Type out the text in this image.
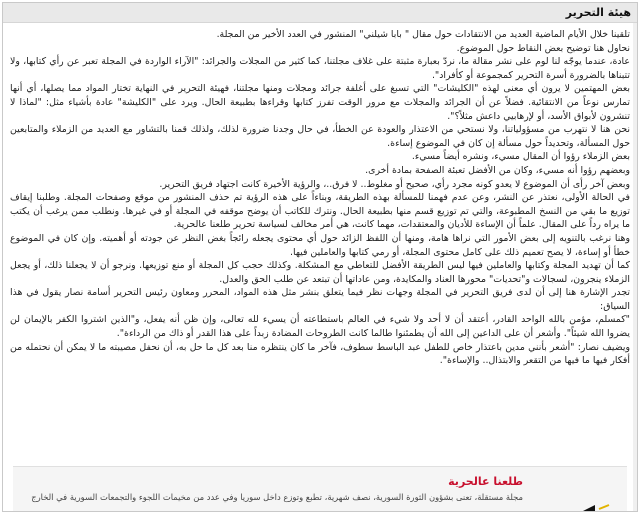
هيئة التحرير

تلقينا خلال الأيام الماضية العديد من الانتقادات حول مقال " بابا شيلني" المنشور في العدد الأخير من المجلة.

نحاول هنا توضيح بعض النقاط حول الموضوع.

عادة، عندما يوجّه لنا لوم على نشر مقالة ما، نردّ بعبارة مثبتة على غلاف مجلتنا، كما كثير من المجلات والجرائد: "الآراء الواردة في المجلة تعبر عن رأي كتابها، ولا تتبناها بالضرورة أسرة التحرير كمجموعة أو كأفراد".

بعض المهتمين لا يرون أي معنى لهذه "الكليشات" التي تسبغ على أغلفة جرائد ومجلات ومنها مجلتنا، فهيئة التحرير في النهاية تختار المواد مما يصلها، أي أنها تمارس نوعاً من الانتقائية. فضلاً عن أن الجرائد والمجلات مع مرور الوقت تفرز كتابها وقراءها بطبيعة الحال. ويرد على "الكليشة" عادة بأشياء مثل: "لماذا لا تنشرون لأبواق الأسد، أو لإرهابيي داعش مثلاً؟".

نحن هنا لا نتهرب من مسؤولياتنا، ولا نستحي من الاعتذار والعودة عن الخطأ، في حال وجدنا ضرورة لذلك، ولذلك قمنا بالتشاور مع العديد من الزملاء والمتابعين حول المسألة، وتحديداً حول مسألة إن كان في الموضوع إساءة.

بعض الزملاء رؤوا أن المقال مسيء، ونشره أيضاً مسيء.

وبعضهم رؤوا أنه مسيء، وكان من الأفضل تعبئة الصفحة بمادة أخرى.

وبعض آخر رأى أن الموضوع لا يعدو كونه مجرد رأي، صحيح أو مغلوط.. لا فرق..، والرؤية الأخيرة كانت اجتهاد فريق التحرير.

في الحالة الأولى، نعتذر عن النشر، وعن عدم فهمنا للمسألة بهذه الطريقة، وبناءاً على هذه الرؤية تم حذف المنشور من موقع وصفحات المجلة. وطلبنا إيقاف توزيع ما بقي من النسخ المطبوعة، والتي تم توزيع قسم منها بطبيعة الحال. ونترك للكاتب أن يوضح موقفه في المجلة أو في غيرها. ونطلب ممن يرغب أن يكتب ما يراه رداً على المقال. علماً أن الإساءة للأديان والمعتقدات، مهما كانت، هي أمر مخالف لسياسة تحرير طلعنا عالحرية.

وهنا نرغب بالتنويه إلى بعض الأمور التي نراها هامة، ومنها أن اللفظ الزائد حول أي محتوى يجعله رائجاً بغض النظر عن جودته أو أهميته. وإن كان في الموضوع خطأ أو إساءة، لا يصح تعميم ذلك على كامل محتوى المجلة، أو رمي كتابها والعاملين فيها.

كما أن تهديد المجلة وكتابها والعاملين فيها ليس الطريقة الأفضل للتعاطي مع المشكلة. وكذلك حجب كل المجلة أو منع توزيعها. ونرجو أن لا يجعلنا ذلك، أو يجعل الزملاء ينجرون، لسجالات و"تحديات" محورها العناد والمكايدة، ومن عاداتها أن تبتعد عن طلب الحق والعدل.

تجدر الإشارة هنا إلى أن لدى فريق التحرير في المجلة وجهات نظر فيما يتعلق بنشر مثل هذه المواد، المحرر ومعاون رئيس التحرير أسامة نصار يقول في هذا السياق:

"كمسلم، مؤمن بالله الواحد القادر، أعتقد أن لا أحد ولا شيء في العالم باستطاعته أن يسيء لله تعالى، وإن ظن أنه يفعل، و"الذين اشتروا الكفر بالإيمان لن يضروا الله شيئاً". وأشعر أن على الداعين إلى الله أن يطمئنوا طالما كانت الطروحات المضادة زبداً على هذا القدر أو ذاك من الرداءة".

ويضيف نصار: "أشعر بأنني مدين باعتذار خاص للطفل عبد الباسط سطوف، فآخر ما كان ينتظره منا بعد كل ما حل به، أن نحفل مصيبته ما لا يمكن أن نحتمله من أفكار فيها ما فيها من التقعر والابتذال.. والإساءة".

طلعنا عالحرية
مجلة مستقلة، تعنى بشؤون الثورة السورية، نصف شهرية، تطبع وتوزع داخل سوريا وفي عدد من مخيمات اللجوء والتجمعات السورية في الخارج
